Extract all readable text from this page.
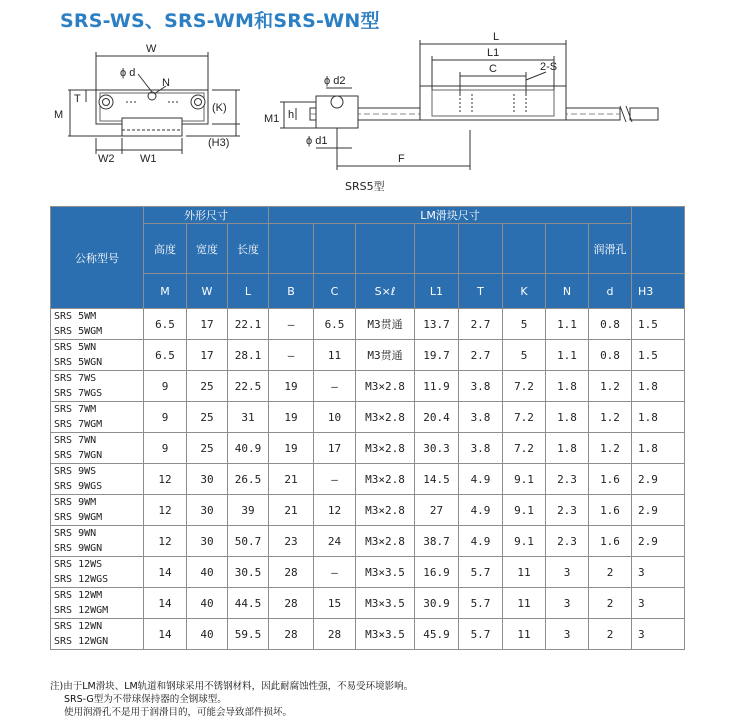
SRS-WS、SRS-WM和SRS-WN型
W
ϕ d
N
M
T
(K)
(H3)
W2 W1
L
L1
C	2-S
ϕ d2
M1 h
ϕ d1
F
SRS5型
公称型号	外形尺寸			LM滑块尺寸								
	高度	宽度	长度								润滑孔	
	M	W	L	B	C	S×ℓ	L1	T	K	N	d	H3

SRS 5WM
SRS 5WGM	6.5	17	22.1	—	6.5	M3贯通	13.7	2.7	5	1.1	0.8	1.5

SRS 5WN
SRS 5WGN	6.5	17	28.1	—	11	M3贯通	19.7	2.7	5	1.1	0.8	1.5

SRS 7WS
SRS 7WGS	9	25	22.5	19	—	M3×2.8	11.9	3.8	7.2	1.8	1.2	1.8

SRS 7WM
SRS 7WGM	9	25	31	19	10	M3×2.8	20.4	3.8	7.2	1.8	1.2	1.8

SRS 7WN
SRS 7WGN	9	25	40.9	19	17	M3×2.8	30.3	3.8	7.2	1.8	1.2	1.8

SRS 9WS
SRS 9WGS	12	30	26.5	21	—	M3×2.8	14.5	4.9	9.1	2.3	1.6	2.9

SRS 9WM
SRS 9WGM	12	30	39	21	12	M3×2.8	27	4.9	9.1	2.3	1.6	2.9

SRS 9WN
SRS 9WGN	12	30	50.7	23	24	M3×2.8	38.7	4.9	9.1	2.3	1.6	2.9

SRS 12WS
SRS 12WGS	14	40	30.5	28	—	M3×3.5	16.9	5.7	11	3	2	3

SRS 12WM
SRS 12WGM	14	40	44.5	28	15	M3×3.5	30.9	5.7	11	3	2	3

SRS 12WN
SRS 12WGN	14	40	59.5	28	28	M3×3.5	45.9	5.7	11	3	2	3
注)由于LM滑块、LM轨道和钢球采用不锈钢材料，因此耐腐蚀性强，不易受环境影响。
SRS-G型为不带球保持器的全钢球型。
使用润滑孔不是用于润滑目的，可能会导致部件损坏。
